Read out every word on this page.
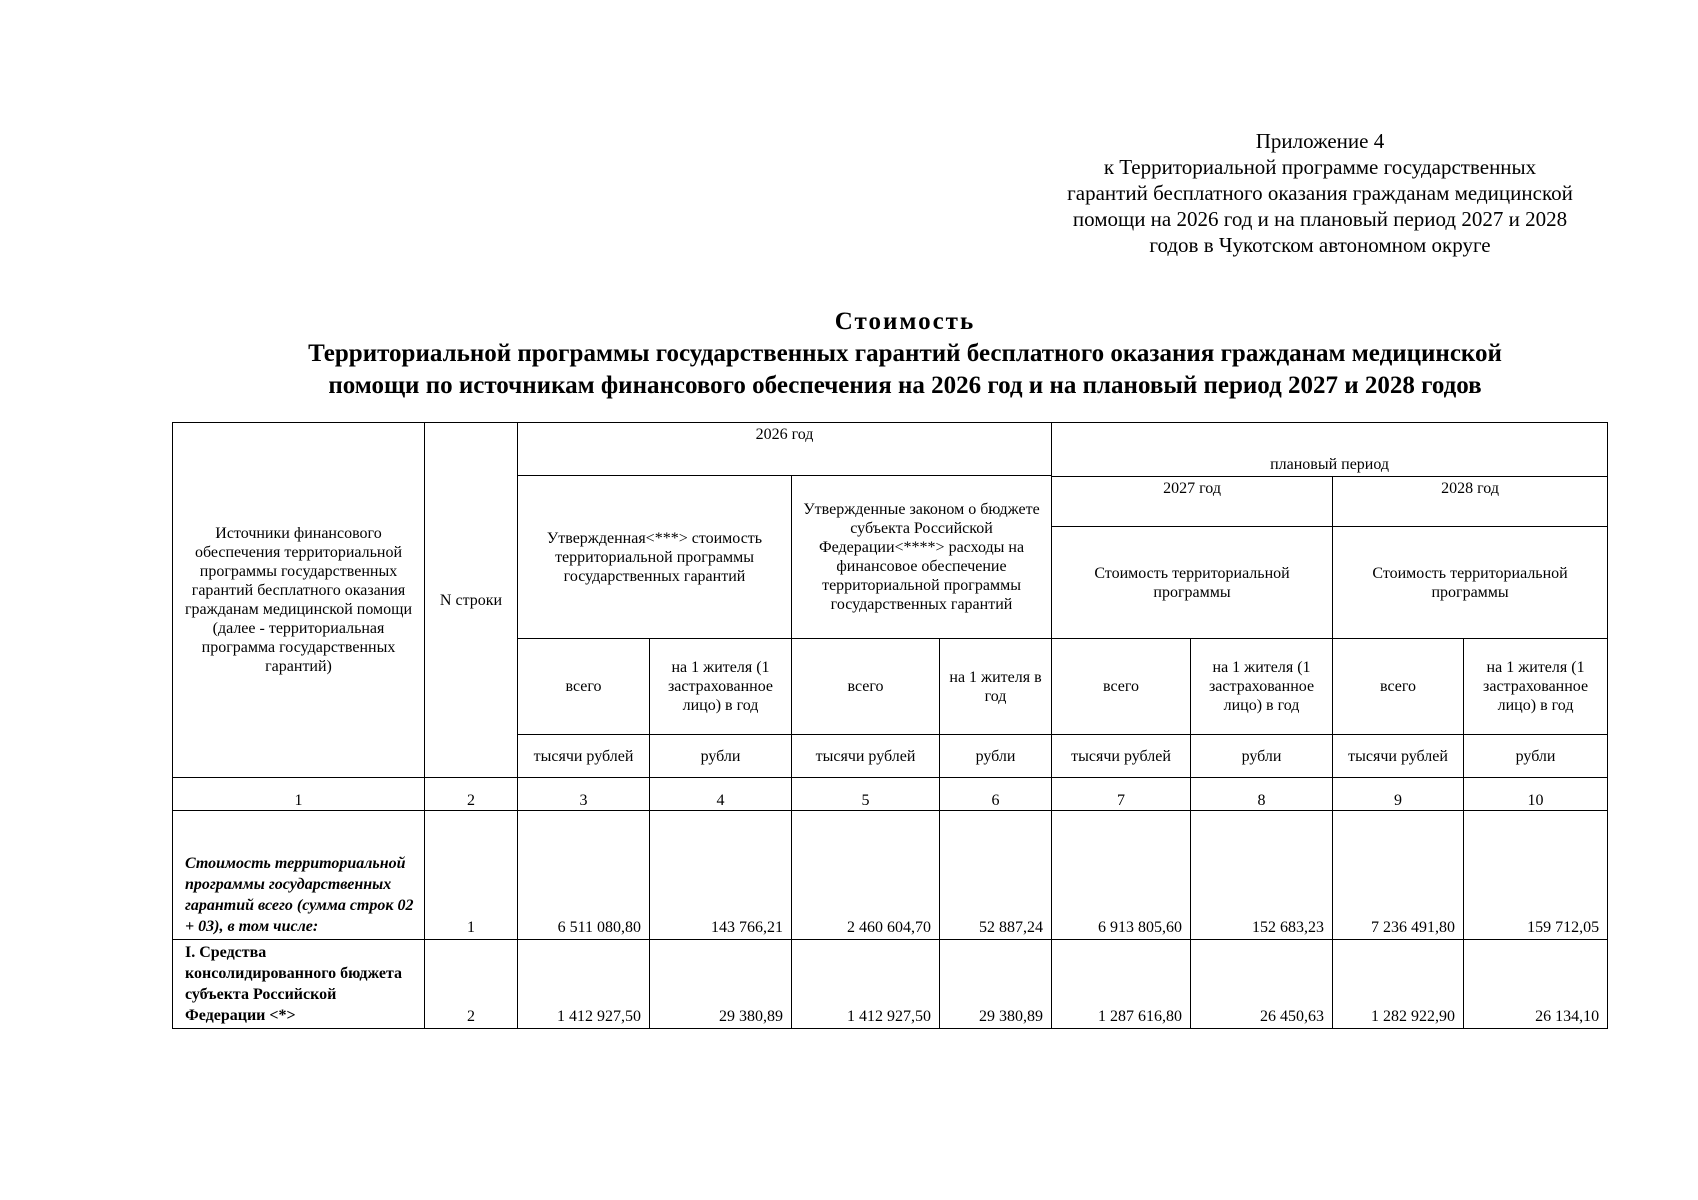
Приложение 4
к Территориальной программе государственных
гарантий бесплатного оказания гражданам медицинской
помощи на 2026 год и на плановый период 2027 и 2028
годов в Чукотском автономном округе
Стоимость
Территориальной программы государственных гарантий бесплатного оказания гражданам медицинской
помощи по источникам финансового обеспечения на 2026 год и на плановый период 2027 и 2028 годов
Источники финансового обеспечения территориальной программы государственных гарантий бесплатного оказания гражданам медицинской помощи (далее - территориальная программа государственных гарантий)	N строки	2026 год				плановый период			
		Утвержденная<***> стоимость территориальной программы государственных гарантий		Утвержденные законом о бюджете субъекта Российской Федерации<****> расходы на финансовое обеспечение территориальной программы государственных гарантий					
						2027 год		2028 год	
						Стоимость территориальной программы		Стоимость территориальной программы	
		всего	на 1 жителя (1 застрахованное лицо) в год	всего	на 1 жителя в год	всего	на 1 жителя (1 застрахованное лицо) в год	всего	на 1 жителя (1 застрахованное лицо) в год
		тысячи рублей	рубли	тысячи рублей	рубли	тысячи рублей	рубли	тысячи рублей	рубли
1	2	3	4	5	6	7	8	9	10
Стоимость территориальной программы государственных гарантий всего (сумма строк 02 + 03), в том числе:	1	6 511 080,80	143 766,21	2 460 604,70	52 887,24	6 913 805,60	152 683,23	7 236 491,80	159 712,05
I. Средства консолидированного бюджета субъекта Российской Федерации <*>	2	1 412 927,50	29 380,89	1 412 927,50	29 380,89	1 287 616,80	26 450,63	1 282 922,90	26 134,10
